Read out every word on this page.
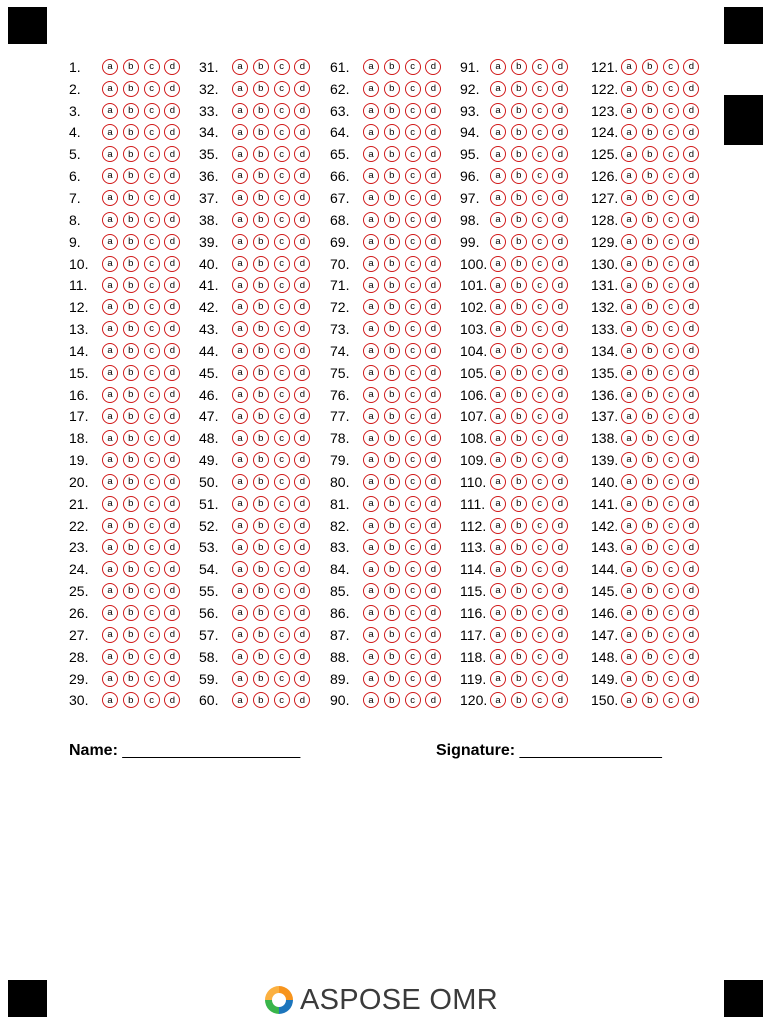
1.	a	b	c	d
2.	a	b	c	d
3.	a	b	c	d
4.	a	b	c	d
5.	a	b	c	d
6.	a	b	c	d
7.	a	b	c	d
8.	a	b	c	d
9.	a	b	c	d
10.	a	b	c	d
11.	a	b	c	d
12.	a	b	c	d
13.	a	b	c	d
14.	a	b	c	d
15.	a	b	c	d
16.	a	b	c	d
17.	a	b	c	d
18.	a	b	c	d
19.	a	b	c	d
20.	a	b	c	d
21.	a	b	c	d
22.	a	b	c	d
23.	a	b	c	d
24.	a	b	c	d
25.	a	b	c	d
26.	a	b	c	d
27.	a	b	c	d
28.	a	b	c	d
29.	a	b	c	d
30.	a	b	c	d
31.	a	b	c	d
32.	a	b	c	d
33.	a	b	c	d
34.	a	b	c	d
35.	a	b	c	d
36.	a	b	c	d
37.	a	b	c	d
38.	a	b	c	d
39.	a	b	c	d
40.	a	b	c	d
41.	a	b	c	d
42.	a	b	c	d
43.	a	b	c	d
44.	a	b	c	d
45.	a	b	c	d
46.	a	b	c	d
47.	a	b	c	d
48.	a	b	c	d
49.	a	b	c	d
50.	a	b	c	d
51.	a	b	c	d
52.	a	b	c	d
53.	a	b	c	d
54.	a	b	c	d
55.	a	b	c	d
56.	a	b	c	d
57.	a	b	c	d
58.	a	b	c	d
59.	a	b	c	d
60.	a	b	c	d
61.	a	b	c	d
62.	a	b	c	d
63.	a	b	c	d
64.	a	b	c	d
65.	a	b	c	d
66.	a	b	c	d
67.	a	b	c	d
68.	a	b	c	d
69.	a	b	c	d
70.	a	b	c	d
71.	a	b	c	d
72.	a	b	c	d
73.	a	b	c	d
74.	a	b	c	d
75.	a	b	c	d
76.	a	b	c	d
77.	a	b	c	d
78.	a	b	c	d
79.	a	b	c	d
80.	a	b	c	d
81.	a	b	c	d
82.	a	b	c	d
83.	a	b	c	d
84.	a	b	c	d
85.	a	b	c	d
86.	a	b	c	d
87.	a	b	c	d
88.	a	b	c	d
89.	a	b	c	d
90.	a	b	c	d
91.	a	b	c	d
92.	a	b	c	d
93.	a	b	c	d
94.	a	b	c	d
95.	a	b	c	d
96.	a	b	c	d
97.	a	b	c	d
98.	a	b	c	d
99.	a	b	c	d
100. a	b	c	d
101. a	b	c	d
102. a	b	c	d
103. a	b	c	d
104. a	b	c	d
105. a	b	c	d
106. a	b	c	d
107. a	b	c	d
108. a	b	c	d
109. a	b	c	d
110. a	b	c	d
111.	a	b	c	d
112. a	b	c	d
113. a	b	c	d
114. a	b	c	d
115. a	b	c	d
116. a	b	c	d
117. a	b	c	d
118. a	b	c	d
119. a	b	c	d
120. a	b	c	d
121. a	b	c	d
122. a	b	c	d
123. a	b	c	d
124. a	b	c	d
125. a	b	c	d
126. a	b	c	d
127. a	b	c	d
128. a	b	c	d
129. a	b	c	d
130. a	b	c	d
131. a	b	c	d
132. a	b	c	d
133. a	b	c	d
134. a	b	c	d
135. a	b	c	d
136. a	b	c	d
137. a	b	c	d
138. a	b	c	d
139. a	b	c	d
140. a	b	c	d
141. a	b	c	d
142. a	b	c	d
143. a	b	c	d
144. a	b	c	d
145. a	b	c	d
146. a	b	c	d
147. a	b	c	d
148. a	b	c	d
149. a	b	c	d
150. a	b	c	d
Name: ____________________	Signature: ________________
ASPOSE OMR
